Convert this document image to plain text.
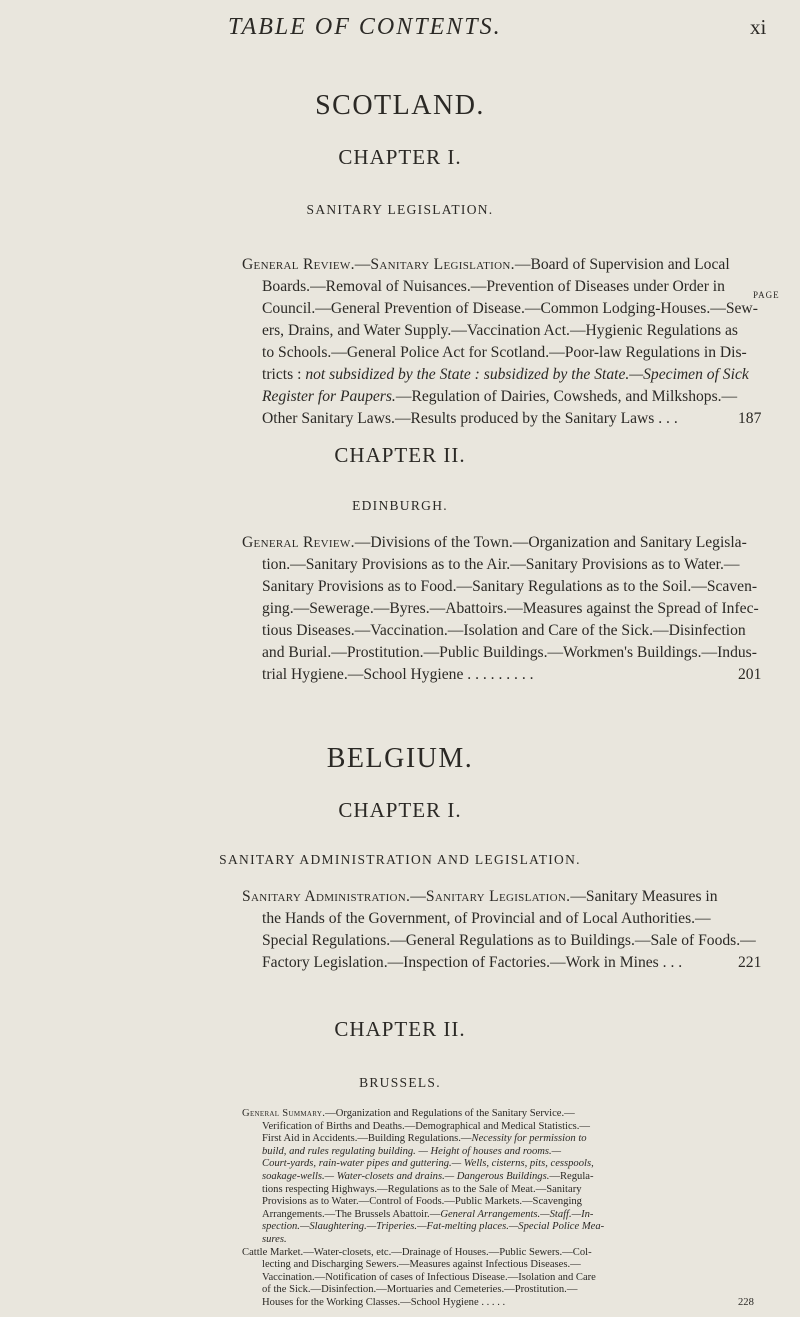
TABLE OF CONTENTS.	xi
PAGE
SCOTLAND.
CHAPTER I.
SANITARY LEGISLATION.
General Review.—Sanitary Legislation.—Board of Supervision and Local
Boards.—Removal of Nuisances.—Prevention of Diseases under Order in
Council.—General Prevention of Disease.—Common Lodging-Houses.—Sew-
ers, Drains, and Water Supply.—Vaccination Act.—Hygienic Regulations as
to Schools.—General Police Act for Scotland.—Poor-law Regulations in Dis-
tricts : not subsidized by the State : subsidized by the State.—Specimen of Sick
Register for Paupers.—Regulation of Dairies, Cowsheds, and Milkshops.—
Other Sanitary Laws.—Results produced by the Sanitary Laws . . .	187
CHAPTER II.
EDINBURGH.
General Review.—Divisions of the Town.—Organization and Sanitary Legisla-
tion.—Sanitary Provisions as to the Air.—Sanitary Provisions as to Water.—
Sanitary Provisions as to Food.—Sanitary Regulations as to the Soil.—Scaven-
ging.—Sewerage.—Byres.—Abattoirs.—Measures against the Spread of Infec-
tious Diseases.—Vaccination.—Isolation and Care of the Sick.—Disinfection
and Burial.—Prostitution.—Public Buildings.—Workmen's Buildings.—Indus-
trial Hygiene.—School Hygiene . . . . . . . . .	201
BELGIUM.
CHAPTER I.
SANITARY ADMINISTRATION AND LEGISLATION.
Sanitary Administration.—Sanitary Legislation.—Sanitary Measures in
the Hands of the Government, of Provincial and of Local Authorities.—
Special Regulations.—General Regulations as to Buildings.—Sale of Foods.—
Factory Legislation.—Inspection of Factories.—Work in Mines . . .	221
CHAPTER II.
BRUSSELS.
General Summary.—Organization and Regulations of the Sanitary Service.—
Verification of Births and Deaths.—Demographical and Medical Statistics.—
First Aid in Accidents.—Building Regulations.—Necessity for permission to
build, and rules regulating building. — Height of houses and rooms.—
Court-yards, rain-water pipes and guttering.— Wells, cisterns, pits, cesspools,
soakage-wells.— Water-closets and drains.— Dangerous Buildings.—Regula-
tions respecting Highways.—Regulations as to the Sale of Meat.—Sanitary
Provisions as to Water.—Control of Foods.—Public Markets.—Scavenging
Arrangements.—The Brussels Abattoir.—General Arrangements.—Staff.—In-
spection.—Slaughtering.—Triperies.—Fat-melting places.—Special Police Mea-
sures.
Cattle Market.—Water-closets, etc.—Drainage of Houses.—Public Sewers.—Col-
lecting and Discharging Sewers.—Measures against Infectious Diseases.—
Vaccination.—Notification of cases of Infectious Disease.—Isolation and Care
of the Sick.—Disinfection.—Mortuaries and Cemeteries.—Prostitution.—
Houses for the Working Classes.—School Hygiene . . . . .	228
